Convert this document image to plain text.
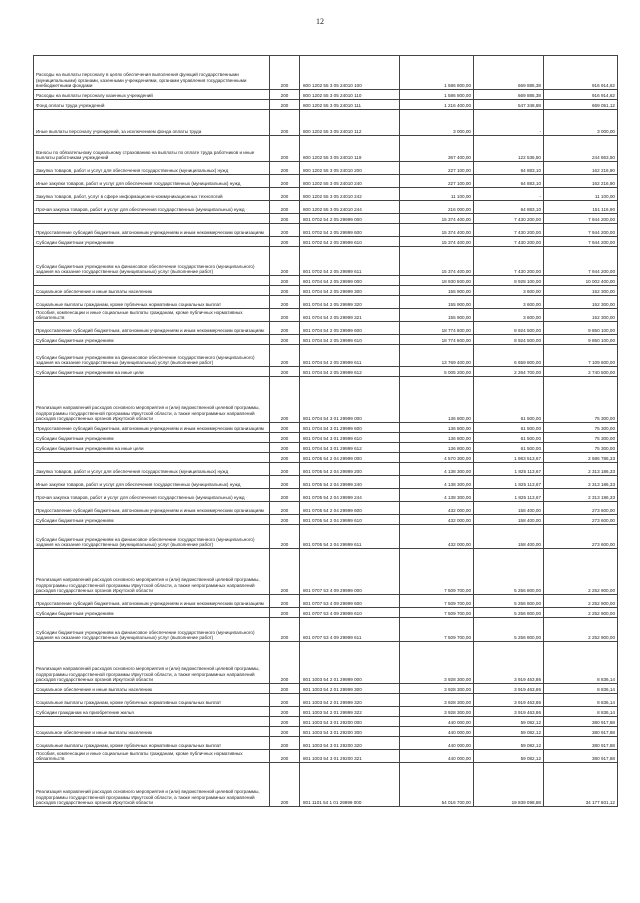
12
Расходы на выплаты персоналу в целях обеспечения выполнения функций государственными (муниципальными) органами, казенными учреждениями, органами управления государственными внебюджетными фондами	200	800 1202 55 3 05 24010 100	1 586 800,00	669 885,38	916 914,62
Расходы на выплаты персоналу казенных учреждений	200	800 1202 55 3 05 24010 110	1 586 800,00	669 885,38	916 914,62
Фонд оплаты труда учреждений	200	800 1202 55 3 05 24010 111	1 216 400,00	547 348,88	669 051,12
Иные выплаты персоналу учреждений, за исключением фонда оплаты труда	200	800 1202 55 3 05 24010 112	3 000,00	-	3 000,00
Взносы по обязательному социальному страхованию на выплаты по оплате труда работников и иные выплаты работникам учреждений	200	800 1202 55 3 05 24010 119	367 400,00	122 536,50	244 863,50
Закупка товаров, работ и услуг для обеспечения государственных (муниципальных) нужд	200	800 1202 55 3 05 24010 200	227 100,00	64 883,10	162 216,90
Иные закупки товаров, работ и услуг для обеспечения государственных (муниципальных) нужд	200	800 1202 55 3 05 24010 240	227 100,00	64 883,10	162 216,90
Закупка товаров, работ, услуг в сфере информационно-коммуникационных технологий	200	800 1202 55 3 05 24010 242	11 100,00	-	11 100,00
Прочая закупка товаров, работ и услуг для обеспечения государственных (муниципальных) нужд	200	800 1202 55 3 05 24010 244	216 000,00	64 883,10	151 116,90
	200	801 0702 54 2 05 29999 000	15 374 400,00	7 430 200,00	7 944 200,00
Предоставление субсидий бюджетным, автономным учреждениям и иным некоммерческим организациям	200	801 0702 54 2 05 29999 600	15 374 400,00	7 430 200,00	7 944 200,00
Субсидии бюджетным учреждениям	200	801 0702 54 2 05 29999 610	15 374 400,00	7 430 200,00	7 944 200,00
Субсидии бюджетным учреждениям на финансовое обеспечение государственного (муниципального) задания на оказание государственных (муниципальных) услуг (выполнение работ)	200	801 0702 54 2 05 29999 611	15 374 400,00	7 430 200,00	7 944 200,00
	200	801 0704 54 2 05 29999 000	18 930 500,00	8 928 100,00	10 002 400,00
Социальное обеспечение и иные выплаты населению	200	801 0704 54 2 05 29999 300	155 900,00	3 600,00	152 300,00
Социальные выплаты гражданам, кроме публичных нормативных социальных выплат	200	801 0704 54 2 05 29999 320	155 900,00	3 600,00	152 300,00
Пособия, компенсации и иные социальные выплаты гражданам, кроме публичных нормативных обязательств	200	801 0704 54 2 05 29999 321	155 900,00	3 600,00	152 300,00
Предоставление субсидий бюджетным, автономным учреждениям и иным некоммерческим организациям	200	801 0704 54 2 05 29999 600	18 774 600,00	8 924 500,00	9 850 100,00
Субсидии бюджетным учреждениям	200	801 0704 54 2 05 29999 610	18 774 600,00	8 924 500,00	9 850 100,00
Субсидии бюджетным учреждениям на финансовое обеспечение государственного (муниципального) задания на оказание государственных (муниципальных) услуг (выполнение работ)	200	801 0704 54 2 05 29999 611	13 769 400,00	6 659 800,00	7 109 600,00
Субсидии бюджетным учреждениям на иные цели	200	801 0704 54 2 05 29999 612	5 005 200,00	2 264 700,00	2 740 500,00
Реализация направлений расходов основного мероприятия и (или) ведомственной целевой программы, подпрограммы государственной программы Иркутской области, а также непрограммных направлений расходов государственных органов Иркутской области	200	801 0704 54 3 01 29999 000	136 800,00	61 500,00	75 300,00
Предоставление субсидий бюджетным, автономным учреждениям и иным некоммерческим организациям	200	801 0704 54 3 01 29999 600	136 800,00	61 500,00	75 300,00
Субсидии бюджетным учреждениям	200	801 0704 54 3 01 29999 610	136 800,00	61 500,00	75 300,00
Субсидии бюджетным учреждениям на иные цели	200	801 0704 54 3 01 29999 612	136 800,00	61 500,00	75 300,00
	200	801 0705 54 2 04 29999 000	4 570 300,00	1 983 513,67	2 586 786,33
Закупка товаров, работ и услуг для обеспечения государственных (муниципальных) нужд	200	801 0705 54 2 04 29999 200	4 138 300,00	1 825 113,67	2 313 186,33
Иные закупки товаров, работ и услуг для обеспечения государственных (муниципальных) нужд	200	801 0705 54 2 04 29999 240	4 138 300,00	1 825 113,67	2 313 186,33
Прочая закупка товаров, работ и услуг для обеспечения государственных (муниципальных) нужд	200	801 0705 54 2 04 29999 244	4 138 300,00	1 825 113,67	2 313 186,33
Предоставление субсидий бюджетным, автономным учреждениям и иным некоммерческим организациям	200	801 0705 54 2 04 29999 600	432 000,00	158 400,00	273 600,00
Субсидии бюджетным учреждениям	200	801 0705 54 2 04 29999 610	432 000,00	158 400,00	273 600,00
Субсидии бюджетным учреждениям на финансовое обеспечение государственного (муниципального) задания на оказание государственных (муниципальных) услуг (выполнение работ)	200	801 0705 54 2 04 29999 611	432 000,00	158 400,00	273 600,00
Реализация направлений расходов основного мероприятия и (или) ведомственной целевой программы, подпрограммы государственной программы Иркутской области, а также непрограммных направлений расходов государственных органов Иркутской области	200	801 0707 53 4 09 29999 000	7 509 700,00	5 256 800,00	2 252 900,00
Предоставление субсидий бюджетным, автономным учреждениям и иным некоммерческим организациям	200	801 0707 53 4 09 29999 600	7 509 700,00	5 256 800,00	2 252 900,00
Субсидии бюджетным учреждениям	200	801 0707 53 4 09 29999 610	7 509 700,00	5 256 800,00	2 252 900,00
Субсидии бюджетным учреждениям на финансовое обеспечение государственного (муниципального) задания на оказание государственных (муниципальных) услуг (выполнение работ)	200	801 0707 53 4 09 29999 611	7 509 700,00	5 256 800,00	2 252 900,00
Реализация направлений расходов основного мероприятия и (или) ведомственной целевой программы, подпрограммы государственной программы Иркутской области, а также непрограммных направлений расходов государственных органов Иркутской области	200	801 1003 54 2 01 29999 000	3 928 300,00	3 919 463,86	8 836,14
Социальное обеспечение и иные выплаты населению	200	801 1003 54 2 01 29999 300	3 928 300,00	3 919 463,86	8 836,14
Социальные выплаты гражданам, кроме публичных нормативных социальных выплат	200	801 1003 54 2 01 29999 320	3 928 300,00	3 919 463,86	8 836,14
Субсидии гражданам на приобретение жилья	200	801 1003 54 2 01 29999 322	3 928 300,00	3 919 463,86	8 836,14
	200	801 1003 54 3 01 29200 000	440 000,00	59 082,12	380 917,88
Социальное обеспечение и иные выплаты населению	200	801 1003 54 3 01 29200 300	440 000,00	59 082,12	380 917,88
Социальные выплаты гражданам, кроме публичных нормативных социальных выплат	200	801 1003 54 3 01 29200 320	440 000,00	59 082,12	380 917,88
Пособия, компенсации и иные социальные выплаты гражданам, кроме публичных нормативных обязательств	200	801 1003 54 3 01 29200 321	440 000,00	59 082,12	380 917,88
Реализация направлений расходов основного мероприятия и (или) ведомственной целевой программы, подпрограммы государственной программы Иркутской области, а также непрограммных направлений расходов государственных органов Иркутской области	200	801 1101 54 1 01 29999 000	54 016 700,00	19 839 098,88	34 177 601,12
